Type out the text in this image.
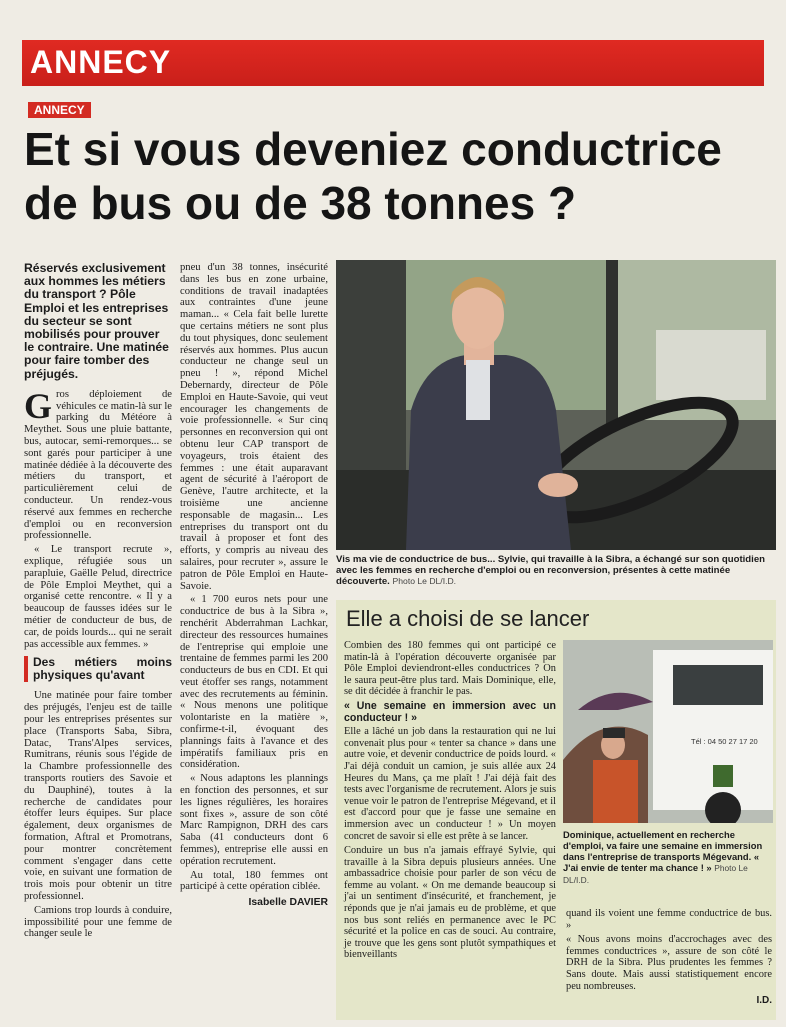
ANNECY
ANNECY
Et si vous deveniez conductrice
de bus ou de 38 tonnes ?
Réservés exclusivement aux hommes les métiers du transport ? Pôle Emploi et les entreprises du secteur se sont mobilisés pour prouver le contraire. Une matinée pour faire tomber des préjugés.

G ros déploiement de véhicules ce matin-là sur le parking du Météore à Meythet. Sous une pluie battante, bus, autocar, semi-remorques... se sont garés pour participer à une matinée dédiée à la découverte des métiers du transport, et particulièrement celui de conducteur. Un rendez-vous réservé aux femmes en recherche d'emploi ou en reconversion professionnelle.

« Le transport recrute », explique, réfugiée sous un parapluie, Gaëlle Pelud, directrice de Pôle Emploi Meythet, qui a organisé cette rencontre. « Il y a beaucoup de fausses idées sur le métier de conducteur de bus, de car, de poids lourds... qui ne serait pas accessible aux femmes. »

Des métiers moins physiques qu'avant

Une matinée pour faire tomber des préjugés, l'enjeu est de taille pour les entreprises présentes sur place (Transports Saba, Sibra, Datac, Trans'Alpes services, Rumitrans, réunis sous l'égide de la Chambre professionnelle des transports routiers des Savoie et du Dauphiné), toutes à la recherche de candidates pour étoffer leurs équipes. Sur place également, deux organismes de formation, Aftral et Promotrans, pour montrer concrètement comment s'engager dans cette voie, en suivant une formation de trois mois pour obtenir un titre professionnel.

Camions trop lourds à conduire, impossibilité pour une femme de changer seule le

pneu d'un 38 tonnes, insécurité dans les bus en zone urbaine, conditions de travail inadaptées aux contraintes d'une jeune maman... « Cela fait belle lurette que certains métiers ne sont plus du tout physiques, donc seulement réservés aux hommes. Plus aucun conducteur ne change seul un pneu ! », répond Michel Debernardy, directeur de Pôle Emploi en Haute-Savoie, qui veut encourager les changements de voie professionnelle. « Sur cinq personnes en reconversion qui ont obtenu leur CAP transport de voyageurs, trois étaient des femmes : une était auparavant agent de sécurité à l'aéroport de Genève, l'autre architecte, et la troisième une ancienne responsable de magasin... Les entreprises du transport ont du travail à proposer et font des efforts, y compris au niveau des salaires, pour recruter », assure le patron de Pôle Emploi en Haute-Savoie.

« 1 700 euros nets pour une conductrice de bus à la Sibra », renchérit Abderrahman Lachkar, directeur des ressources humaines de l'entreprise qui emploie une trentaine de femmes parmi les 200 conducteurs de bus en CDI. Et qui veut étoffer ses rangs, notamment avec des recrutements au féminin. « Nous menons une politique volontariste en la matière », confirme-t-il, évoquant des plannings faits à l'avance et des impératifs familiaux pris en considération.

« Nous adaptons les plannings en fonction des personnes, et sur les lignes régulières, les horaires sont fixes », assure de son côté Marc Rampignon, DRH des cars Saba (41 conducteurs dont 6 femmes), entreprise elle aussi en opération recrutement.

Au total, 180 femmes ont participé à cette opération ciblée.

Isabelle DAVIER
Vis ma vie de conductrice de bus... Sylvie, qui travaille à la Sibra, a échangé sur son quotidien avec les femmes en recherche d'emploi ou en reconversion, présentes à cette matinée découverte. Photo Le DL/I.D.
Elle a choisi de se lancer

Combien des 180 femmes qui ont participé ce matin-là à l'opération découverte organisée par Pôle Emploi deviendront-elles conductrices ? On le saura peut-être plus tard. Mais Dominique, elle, se dit décidée à franchir le pas.

« Une semaine en immersion avec un conducteur ! »

Elle a lâché un job dans la restauration qui ne lui convenait plus pour « tenter sa chance » dans une autre voie, et devenir conductrice de poids lourd. « J'ai déjà conduit un camion, je suis allée aux 24 Heures du Mans, ça me plaît ! J'ai déjà fait des tests avec l'organisme de recrutement. Alors je suis venue voir le patron de l'entreprise Mégevand, et il est d'accord pour que je fasse une semaine en immersion avec un conducteur ! » Un moyen concret de savoir si elle est prête à se lancer.

Conduire un bus n'a jamais effrayé Sylvie, qui travaille à la Sibra depuis plusieurs années. Une ambassadrice choisie pour parler de son vécu de femme au volant. « On me demande beaucoup si j'ai un sentiment d'insécurité, et franchement, je réponds que je n'ai jamais eu de problème, et que nos bus sont reliés en permanence avec le PC sécurité et la police en cas de souci. Au contraire, je trouve que les gens sont plutôt sympathiques et bienveillants

Tél : 04 50 27 17 20
Dominique, actuellement en recherche d'emploi, va faire une semaine en immersion dans l'entreprise de transports Mégevand. « J'ai envie de tenter ma chance ! » Photo Le DL/I.D.

quand ils voient une femme conductrice de bus. »

« Nous avons moins d'accrochages avec des femmes conductrices », assure de son côté le DRH de la Sibra. Plus prudentes les femmes ? Sans doute. Mais aussi statistiquement encore peu nombreuses.

I.D.
